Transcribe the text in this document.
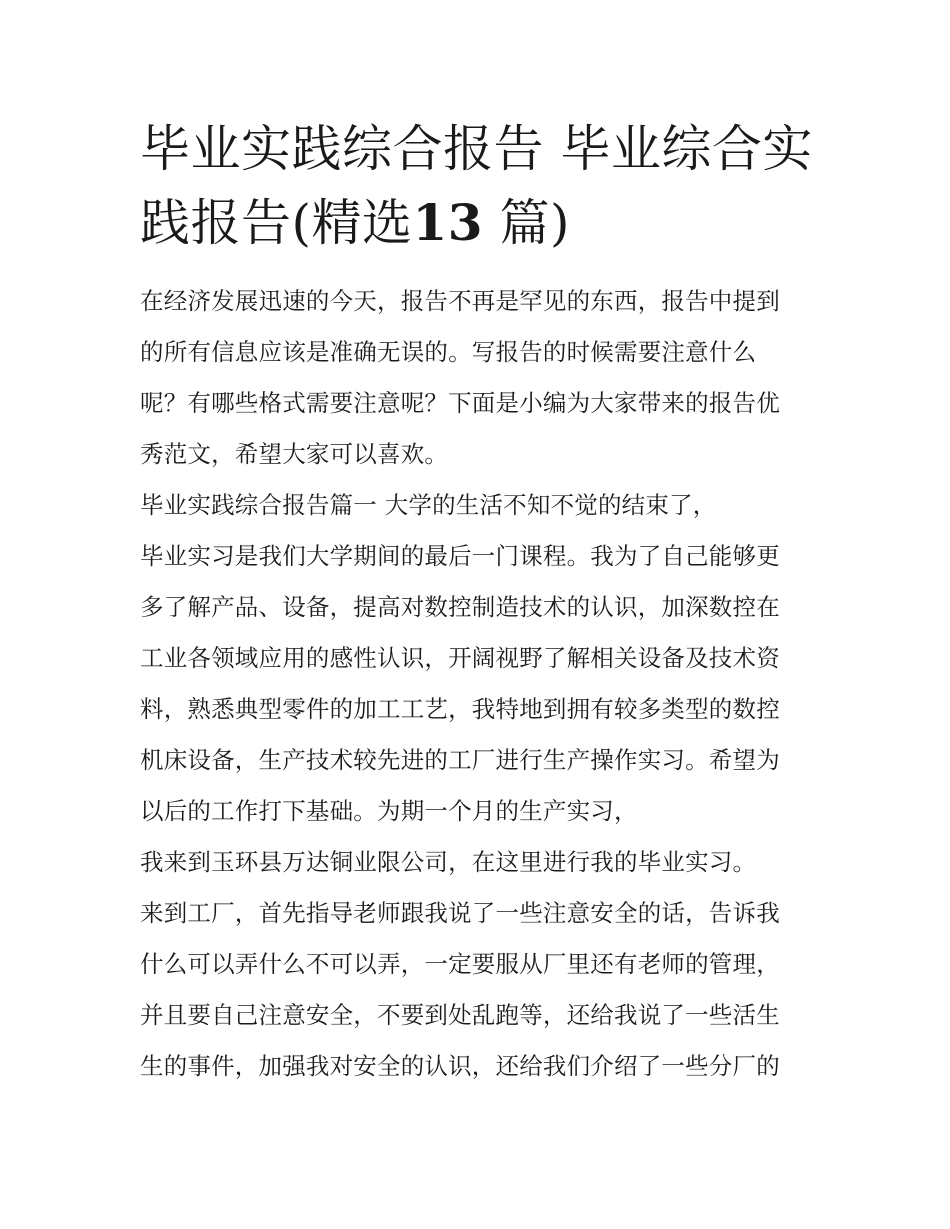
毕业实践综合报告 毕业综合实践报告(精选13 篇)
在经济发展迅速的今天，报告不再是罕见的东西，报告中提到
的所有信息应该是准确无误的。写报告的时候需要注意什么
呢？有哪些格式需要注意呢？下面是小编为大家带来的报告优
秀范文，希望大家可以喜欢。
毕业实践综合报告篇一 大学的生活不知不觉的结束了，
毕业实习是我们大学期间的最后一门课程。我为了自己能够更
多了解产品、设备，提高对数控制造技术的认识，加深数控在
工业各领域应用的感性认识，开阔视野了解相关设备及技术资
料，熟悉典型零件的加工工艺，我特地到拥有较多类型的数控
机床设备，生产技术较先进的工厂进行生产操作实习。希望为
以后的工作打下基础。为期一个月的生产实习，
我来到玉环县万达铜业限公司，在这里进行我的毕业实习。
来到工厂，首先指导老师跟我说了一些注意安全的话，告诉我
什么可以弄什么不可以弄，一定要服从厂里还有老师的管理，
并且要自己注意安全，不要到处乱跑等，还给我说了一些活生
生的事件，加强我对安全的认识，还给我们介绍了一些分厂的
